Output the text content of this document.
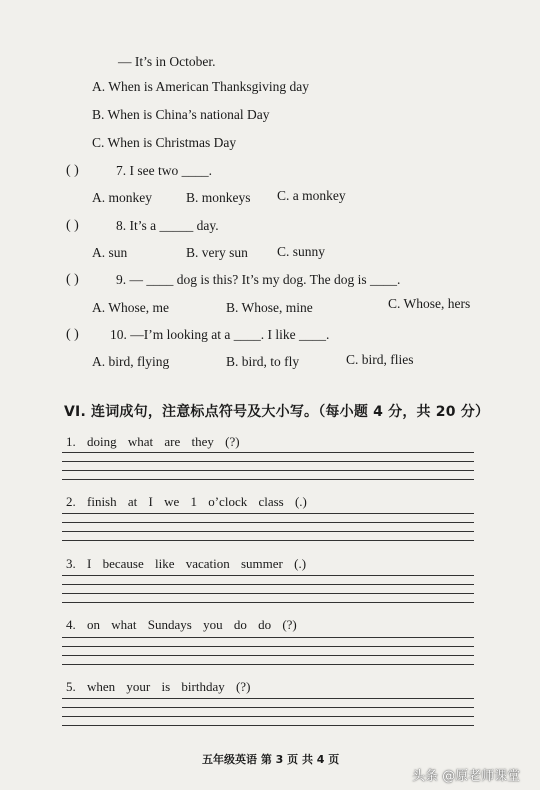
— It’s in October.
A. When is American Thanksgiving day
B. When is China’s national Day
C. When is Christmas Day
( )	7. I see two ____.
A. monkey	B. monkeys C. a monkey
( )	8. It’s a _____ day.
A. sun	B. very sun C. sunny
( )	9. — ____ dog is this? It’s my dog. The dog is ____.
A. Whose, me	B. Whose, mine	C. Whose, hers
( ) 10. —I’m looking at a ____. I like ____.
A. bird, flying	B. bird, to fly	C. bird, flies
VI. 连词成句，注意标点符号及大小写。（每小题 4 分，共 20 分）
1. doing what are they (?)
2. finish at I we 1 o’clock class (.)
3. I because like vacation summer (.)
4. on what Sundays you do do (?)
5. when your is birthday (?)
五年级英语 第 3 页 共 4 页
头条 @原老师课堂
